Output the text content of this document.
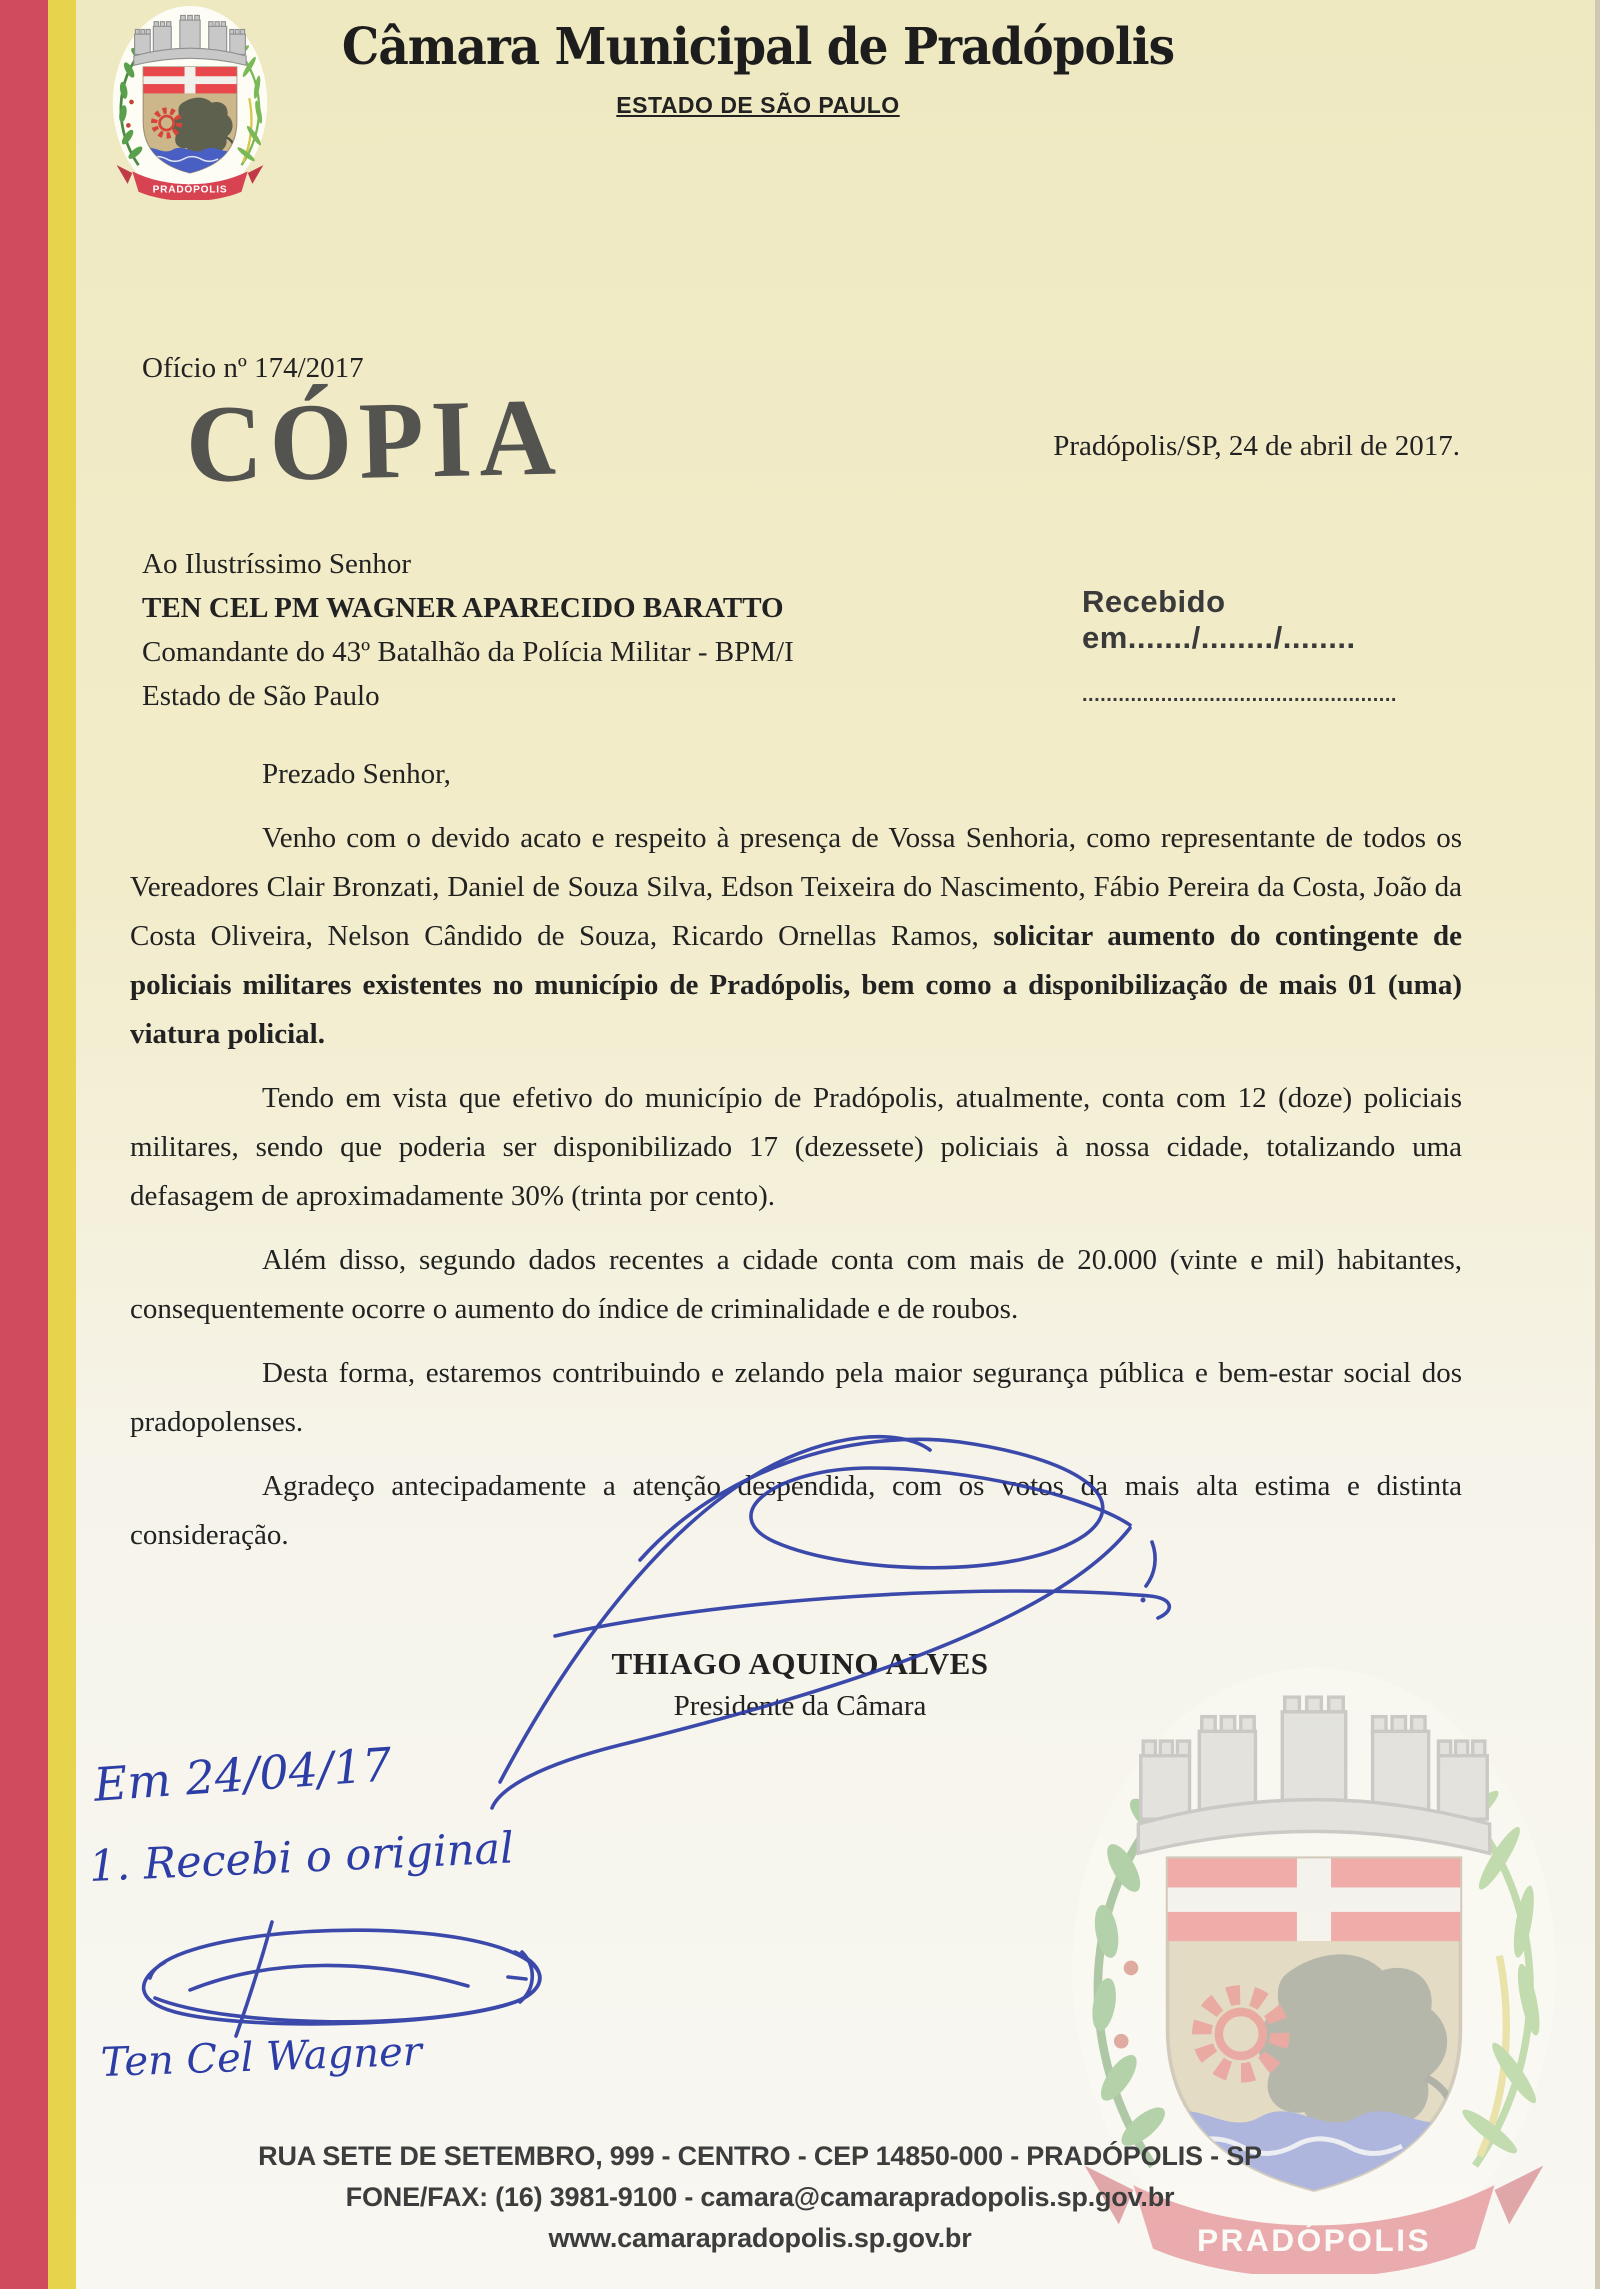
PRADÓPOLIS
Câmara Municipal de Pradópolis
ESTADO DE SÃO PAULO
Ofício nº 174/2017
CÓPIA	Pradópolis/SP, 24 de abril de 2017.
Ao Ilustríssimo Senhor
TEN CEL PM WAGNER APARECIDO BARATTO
Comandante do 43º Batalhão da Polícia Militar - BPM/I
Estado de São Paulo
Recebido em......./......../........
....................................................

Prezado Senhor,

Venho com o devido acato e respeito à presença de Vossa Senhoria, como representante de todos os Vereadores Clair Bronzati, Daniel de Souza Silva, Edson Teixeira do Nascimento, Fábio Pereira da Costa, João da Costa Oliveira, Nelson Cândido de Souza, Ricardo Ornellas Ramos, solicitar aumento do contingente de policiais militares existentes no município de Pradópolis, bem como a disponibilização de mais 01 (uma) viatura policial.

Tendo em vista que efetivo do município de Pradópolis, atualmente, conta com 12 (doze) policiais militares, sendo que poderia ser disponibilizado 17 (dezessete) policiais à nossa cidade, totalizando uma defasagem de aproximadamente 30% (trinta por cento).

Além disso, segundo dados recentes a cidade conta com mais de 20.000 (vinte e mil) habitantes, consequentemente ocorre o aumento do índice de criminalidade e de roubos.

Desta forma, estaremos contribuindo e zelando pela maior segurança pública e bem-estar social dos pradopolenses.

Agradeço antecipadamente a atenção despendida, com os votos da mais alta estima e distinta consideração.

PRADÓPOLIS
THIAGO AQUINO ALVES
Presidente da Câmara
Em 24/04/17
1. Recebi o original
Ten Cel Wagner
RUA SETE DE SETEMBRO, 999 - CENTRO - CEP 14850-000 - PRADÓPOLIS - SP
FONE/FAX: (16) 3981-9100 - camara@camarapradopolis.sp.gov.br
www.camarapradopolis.sp.gov.br
